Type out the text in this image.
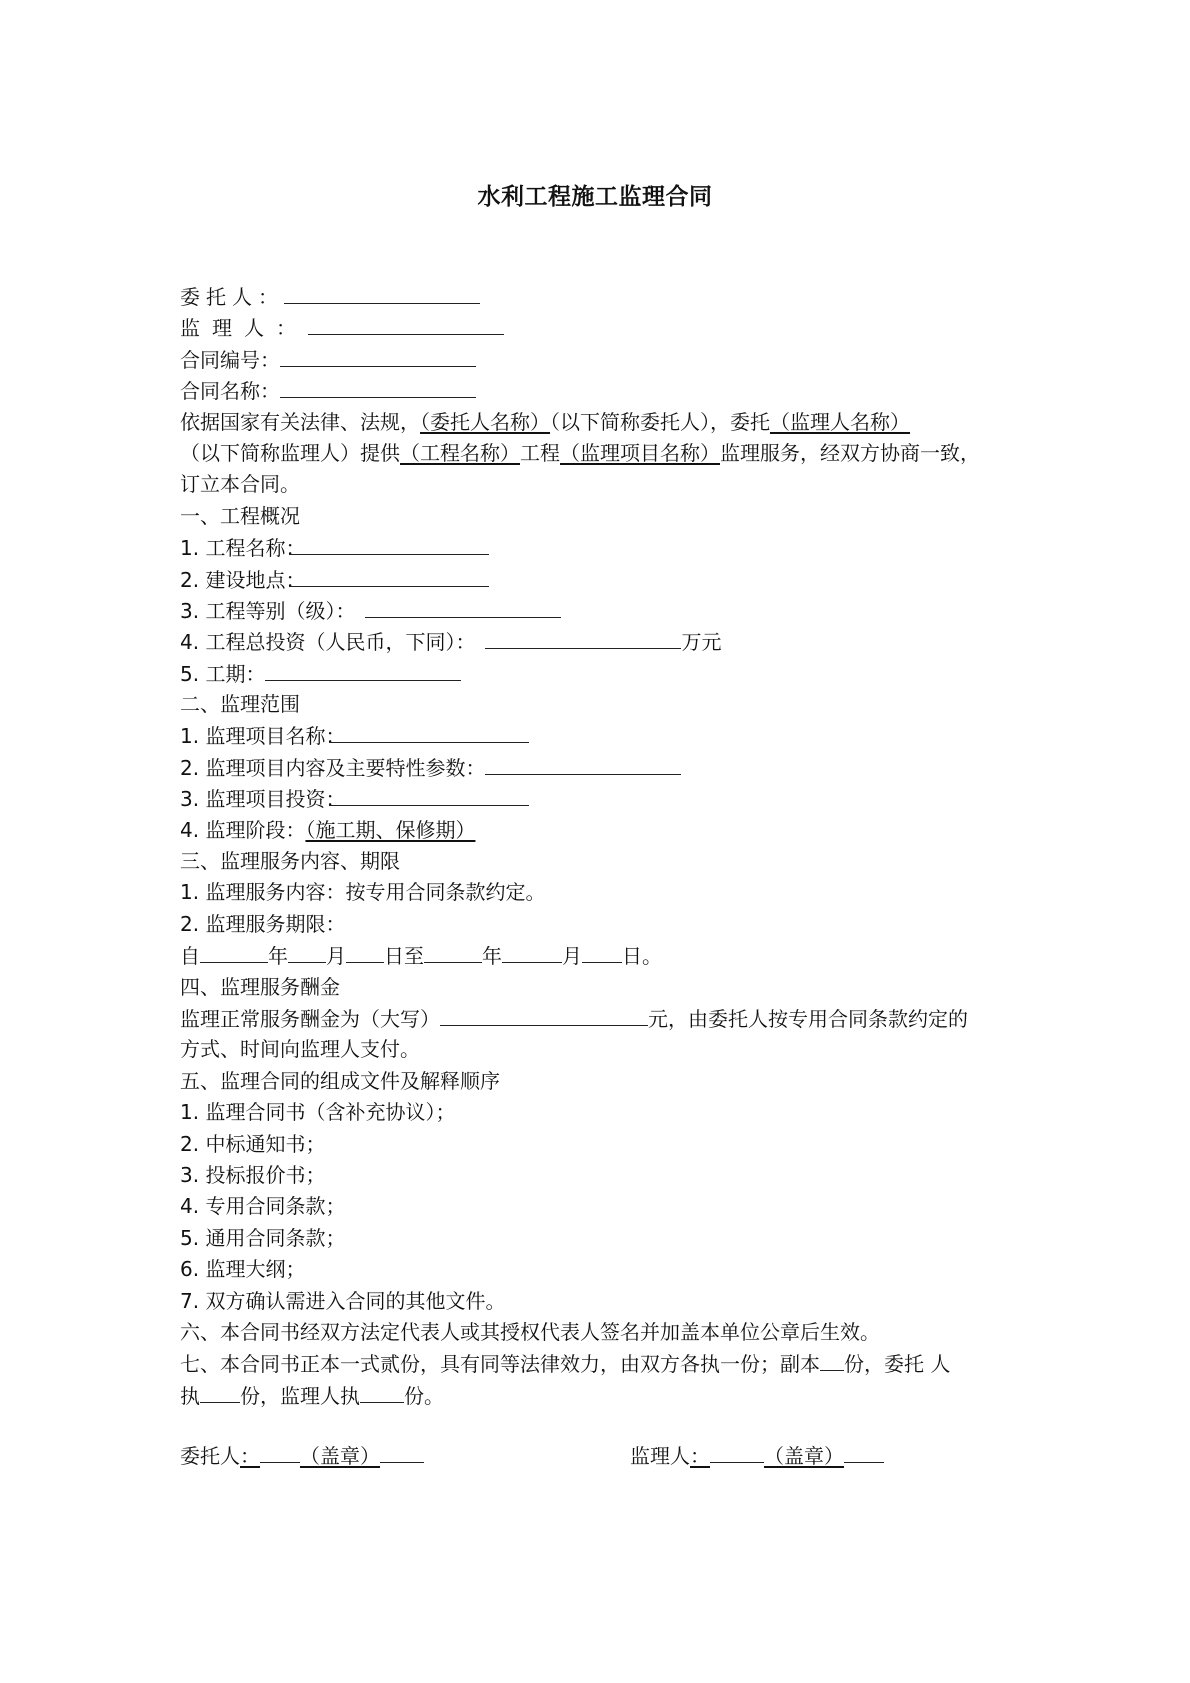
水利工程施工监理合同
委托人：
监理人：
合同编号：
合同名称：
依据国家有关法律、法规，（委托人名称）（以下简称委托人），委托（监理人名称）
（以下简称监理人）提供（工程名称）工程（监理项目名称）监理服务，经双方协商一致，
订立本合同。
一、工程概况
1. 工程名称：
2. 建设地点：
3. 工程等别（级）：
4. 工程总投资（人民币，下同）：	万元
5. 工期：
二、监理范围
1. 监理项目名称：
2. 监理项目内容及主要特性参数：
3. 监理项目投资：
4. 监理阶段：（施工期、保修期）
三、监理服务内容、期限
1. 监理服务内容：按专用合同条款约定。
2. 监理服务期限：
自	年 月 日至	年	月 日。
四、监理服务酬金
监理正常服务酬金为（大写）	元，由委托人按专用合同条款约定的
方式、时间向监理人支付。
五、监理合同的组成文件及解释顺序
1. 监理合同书（含补充协议）；
2. 中标通知书；
3. 投标报价书；
4. 专用合同条款；
5. 通用合同条款；
6. 监理大纲；
7. 双方确认需进入合同的其他文件。
六、本合同书经双方法定代表人或其授权代表人签名并加盖本单位公章后生效。
七、本合同书正本一式贰份，具有同等法律效力，由双方各执一份；副本 份，委托 人
执 份，监理人执 份。
委托人： （盖章）	监理人：	（盖章）
